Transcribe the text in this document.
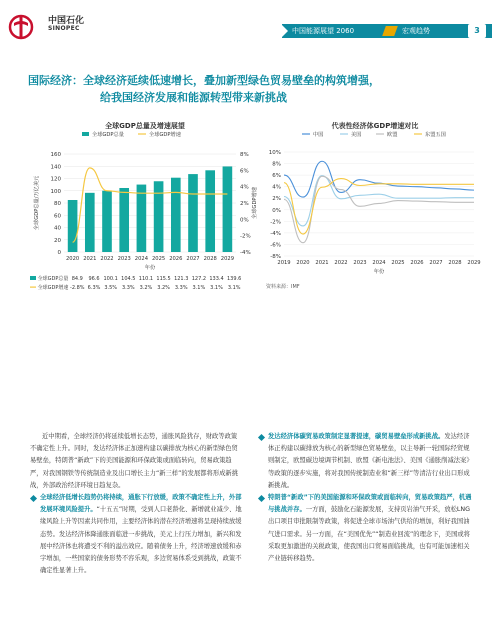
中国石化
SINOPEC	中国能源展望 2060	宏观趋势	3
国际经济：全球经济延续低速增长，叠加新型绿色贸易壁垒的构筑增强，
给我国经济发展和能源转型带来新挑战
全球GDP总量及增速展望
全球GDP总量	全球GDP增速
0
20
40
60
80
100
120
140
160
-4%
-2%
0%
2%
4%
6%
8%
2020 2021 2022 2023 2024 2025 2026 2027 2028 2029
年份
全球GDP总量/万亿美元	全球GDP增速
全球GDP总量	84.9	96.6	100.1	104.5	110.1	115.5	121.3	127.2	133.4	139.6
全球GDP增速	-2.8%	6.3%	3.5%	3.3%	3.2%	3.2%	3.3%	3.1%	3.1%	3.1%
代表性经济体GDP增速对比
中国	美国	欧盟	东盟五国
-8%
-6%
-4%
-2%
0%
2%
4%
6%
8%
10%
2019 2020 2021 2022 2023 2024 2025 2026 2027 2028 2029
年份
资料来源：IMF

近中期看，全球经济仍将延续低增长态势，通胀风险犹存，财政等政策不确定性上升。同时，发达经济体正加速构建以碳排放为核心的新型绿色贸易壁垒，特朗普“新政”下的美国能源和环保政策或面临转向，贸易政策趋严，对我国钢铁等传统制造业及出口增长主力“新三样”的发展都将形成新挑战，外部政治经济环境日趋复杂。

全球经济低增长趋势仍将持续，通胀下行放缓，政策不确定性上升，外部发展环境风险提升。“十五五”时期，受到人口老龄化、新增就业减少、地缘风险上升等因素共同作用，主要经济体的潜在经济增速将呈现持续放缓态势。发达经济体降通胀面临进一步挑战，美元上行压力增加，新兴和发展中经济体也将遭受不利的溢出效应。随着债务上升，经济增速放缓和赤字增加，一些国家的债务形势不容乐观，多边贸易体系受到挑战，政策不确定性显著上升。

发达经济体碳贸易政策制定显著提速，碳贸易壁垒形成新挑战。发达经济体正构建以碳排放为核心的新型绿色贸易壁垒，以主导新一轮国际经贸规则制定，欧盟碳边境调节机制、欧盟《新电池法》、美国《通胀削减法案》等政策的逐步实施，将对我国传统制造业和“新三样”等清洁行业出口形成新挑战。

特朗普“新政”下的美国能源和环保政策或面临转向，贸易政策趋严，机遇与挑战并存。一方面，鼓励化石能源发展，支持页岩油气开采，放松LNG出口项目审批限制等政策，将促进全球市场油气供给的增加，利好我国油气进口需求。另一方面，在“美国优先”“制造业回流”的理念下，美国或将采取更加激进的关税政策，使我国出口贸易面临挑战，也有可能加速相关产业链转移趋势。
